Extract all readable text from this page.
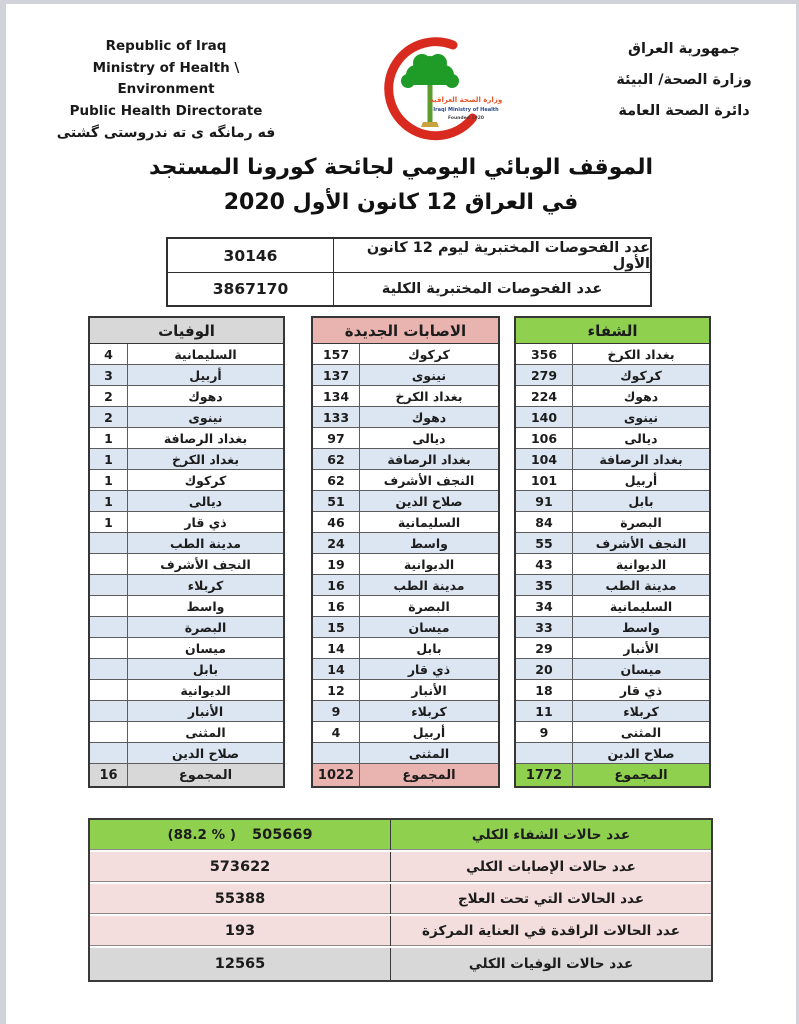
Republic of Iraq
Ministry of Health \ Environment
Public Health Directorate
فه رمانگه ی ته ندروستی گشتی
وزارة الصحة العراقية
Iraqi Ministry of Health
Founded 1920
جمهورية العراق
وزارة الصحة/ البيئة
دائرة الصحة العامة
الموقف الوبائي اليومي لجائحة كورونا المستجد
في العراق 12 كانون الأول 2020
30146	عدد الفحوصات المختبرية ليوم 12 كانون الأول
3867170	عدد الفحوصات المختبرية الكلية
الوفيات
4	السليمانية
3	أربيل
2	دهوك
2	نينوى
1	بغداد الرصافة
1	بغداد الكرخ
1	كركوك
1	ديالى
1	ذي قار
مدينة الطب
النجف الأشرف
كربلاء
واسط
البصرة
ميسان
بابل
الديوانية
الأنبار
المثنى
صلاح الدين
16	المجموع
الاصابات الجديدة
157	كركوك
137	نينوى
134	بغداد الكرخ
133	دهوك
97	ديالى
62	بغداد الرصافة
62	النجف الأشرف
51	صلاح الدين
46	السليمانية
24	واسط
19	الديوانية
16	مدينة الطب
16	البصرة
15	ميسان
14	بابل
14	ذي قار
12	الأنبار
9	كربلاء
4	أربيل
المثنى
1022	المجموع
الشفاء
356	بغداد الكرخ
279	كركوك
224	دهوك
140	نينوى
106	ديالى
104	بغداد الرصافة
101	أربيل
91	بابل
84	البصرة
55	النجف الأشرف
43	الديوانية
35	مدينة الطب
34	السليمانية
33	واسط
29	الأنبار
20	ميسان
18	ذي قار
11	كربلاء
9	المثنى
صلاح الدين
1772	المجموع
(88.2 % ) 505669	عدد حالات الشفاء الكلي
573622	عدد حالات الإصابات الكلي
55388	عدد الحالات التي تحت العلاج
193	عدد الحالات الراقدة في العناية المركزة
12565	عدد حالات الوفيات الكلي
